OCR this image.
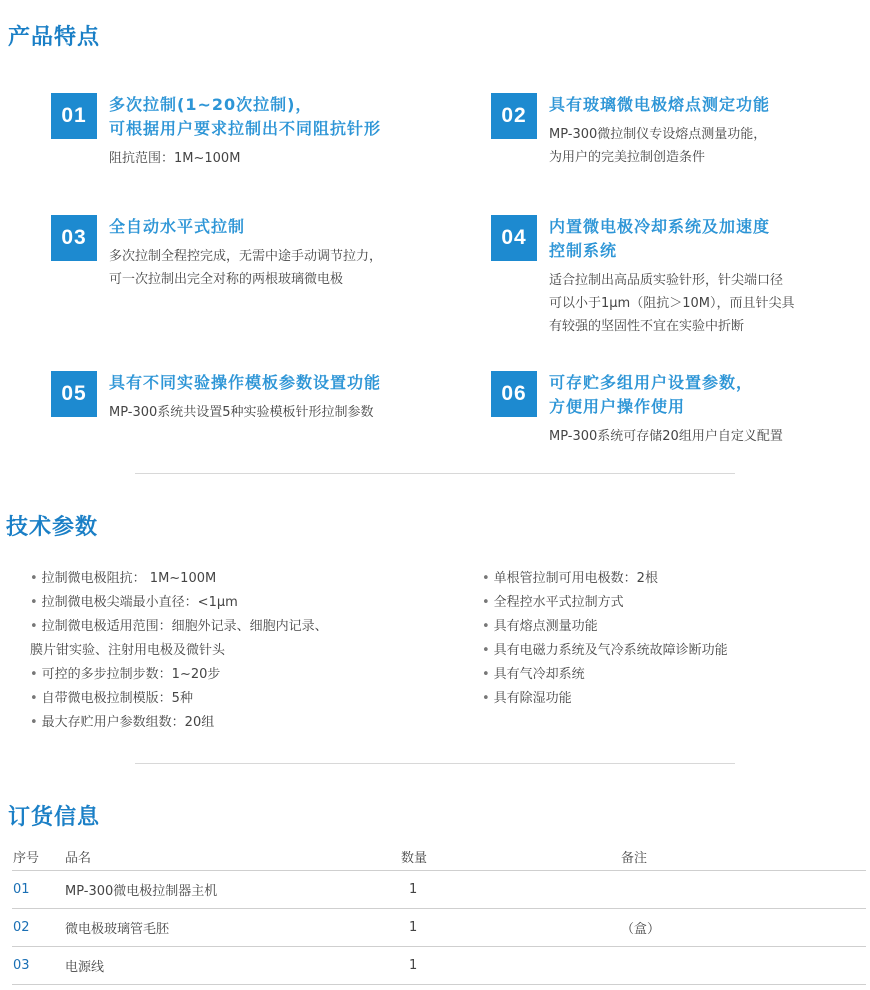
产品特点
01	多次拉制(1~20次拉制)，
可根据用户要求拉制出不同阻抗针形
阻抗范围：1M~100M
02	具有玻璃微电极熔点测定功能
MP-300微拉制仪专设熔点测量功能，
为用户的完美拉制创造条件
03	全自动水平式拉制
多次拉制全程控完成，无需中途手动调节拉力，
可一次拉制出完全对称的两根玻璃微电极
04	内置微电极冷却系统及加速度
控制系统
适合拉制出高品质实验针形，针尖端口径
可以小于1μm（阻抗＞10M），而且针尖具
有较强的坚固性不宜在实验中折断
05	具有不同实验操作模板参数设置功能
MP-300系统共设置5种实验模板针形拉制参数
06	可存贮多组用户设置参数，
方便用户操作使用
MP-300系统可存储20组用户自定义配置
技术参数
• 拉制微电极阻抗： 1M~100M
• 拉制微电极尖端最小直径：<1μm
• 拉制微电极适用范围：细胞外记录、细胞内记录、
膜片钳实验、注射用电极及微针头
• 可控的多步拉制步数：1~20步
• 自带微电极拉制模版：5种
• 最大存贮用户参数组数：20组
• 单根管拉制可用电极数：2根
• 全程控水平式拉制方式
• 具有熔点测量功能
• 具有电磁力系统及气冷系统故障诊断功能
• 具有气冷却系统
• 具有除湿功能
订货信息
序号	品名	数量	备注
01	MP-300微电极拉制器主机	1	
02	微电极玻璃管毛胚	1	（盒）
03	电源线	1	
